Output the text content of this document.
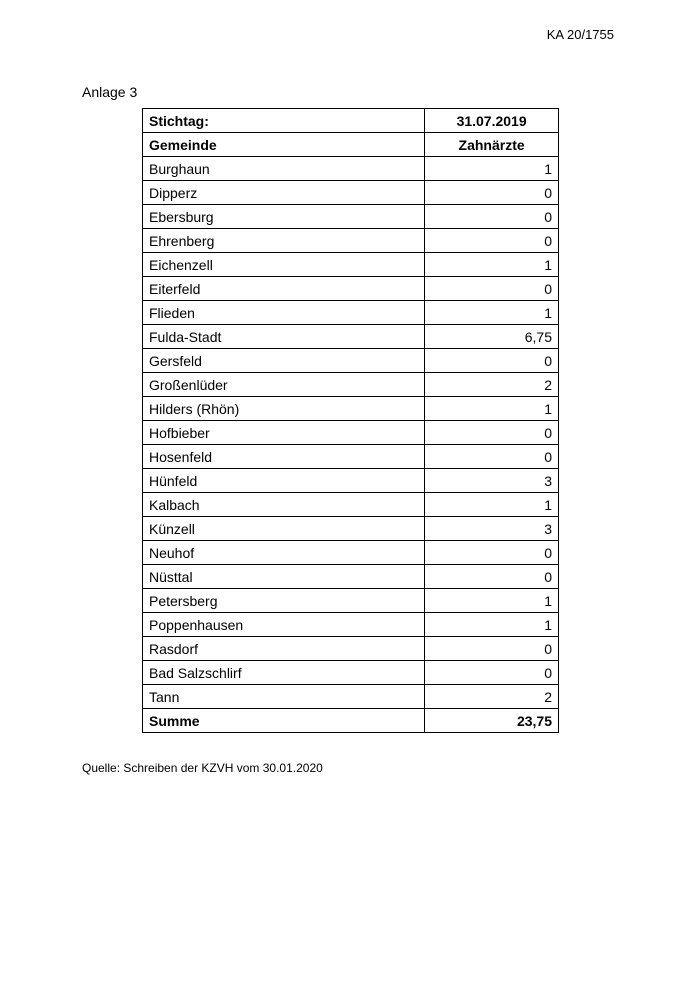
KA 20/1755
Anlage 3
Stichtag:	31.07.2019
Gemeinde	Zahnärzte
Burghaun	1
Dipperz	0
Ebersburg	0
Ehrenberg	0
Eichenzell	1
Eiterfeld	0
Flieden	1
Fulda-Stadt	6,75
Gersfeld	0
Großenlüder	2
Hilders (Rhön)	1
Hofbieber	0
Hosenfeld	0
Hünfeld	3
Kalbach	1
Künzell	3
Neuhof	0
Nüsttal	0
Petersberg	1
Poppenhausen	1
Rasdorf	0
Bad Salzschlirf	0
Tann	2
Summe	23,75
Quelle: Schreiben der KZVH vom 30.01.2020
